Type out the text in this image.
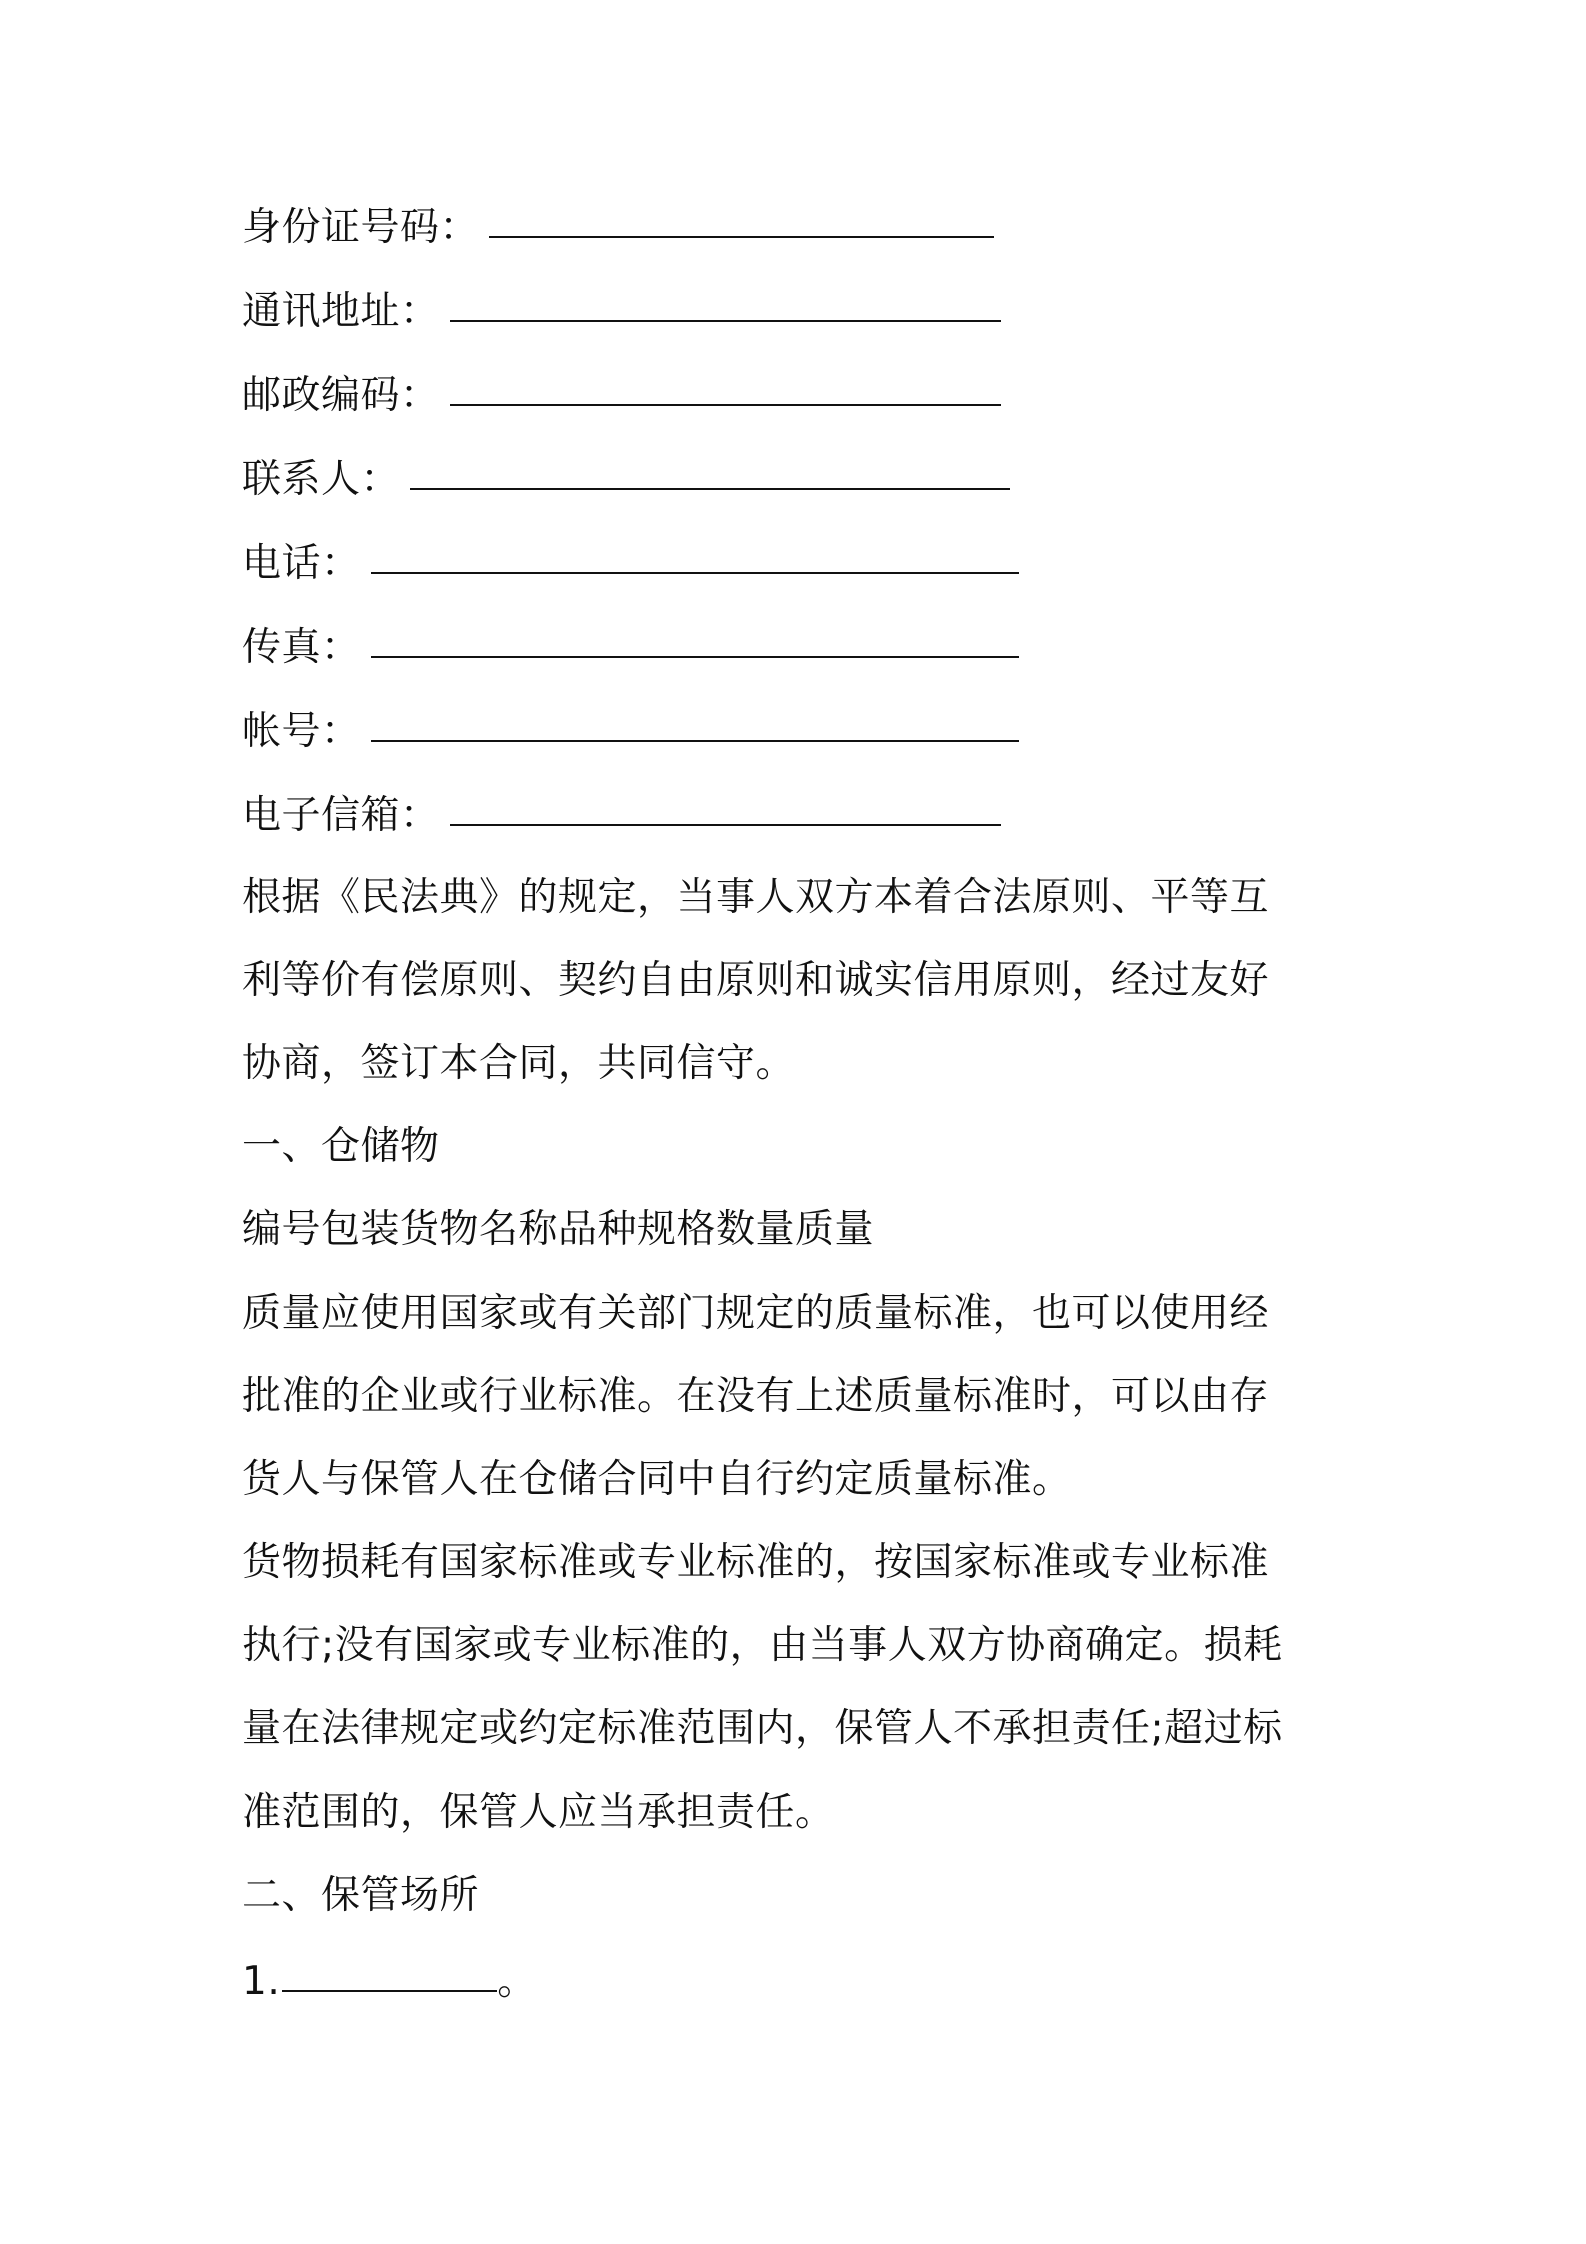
身份证号码：
通讯地址：
邮政编码：
联系人：
电话：
传真：
帐号：
电子信箱：
根据《民法典》的规定，当事人双方本着合法原则、平等互
利等价有偿原则、契约自由原则和诚实信用原则，经过友好
协商，签订本合同，共同信守。
一、仓储物
编号包装货物名称品种规格数量质量
质量应使用国家或有关部门规定的质量标准，也可以使用经
批准的企业或行业标准。在没有上述质量标准时，可以由存
货人与保管人在仓储合同中自行约定质量标准。
货物损耗有国家标准或专业标准的，按国家标准或专业标准
执行;没有国家或专业标准的，由当事人双方协商确定。损耗
量在法律规定或约定标准范围内，保管人不承担责任;超过标
准范围的，保管人应当承担责任。
二、保管场所
1.	。
